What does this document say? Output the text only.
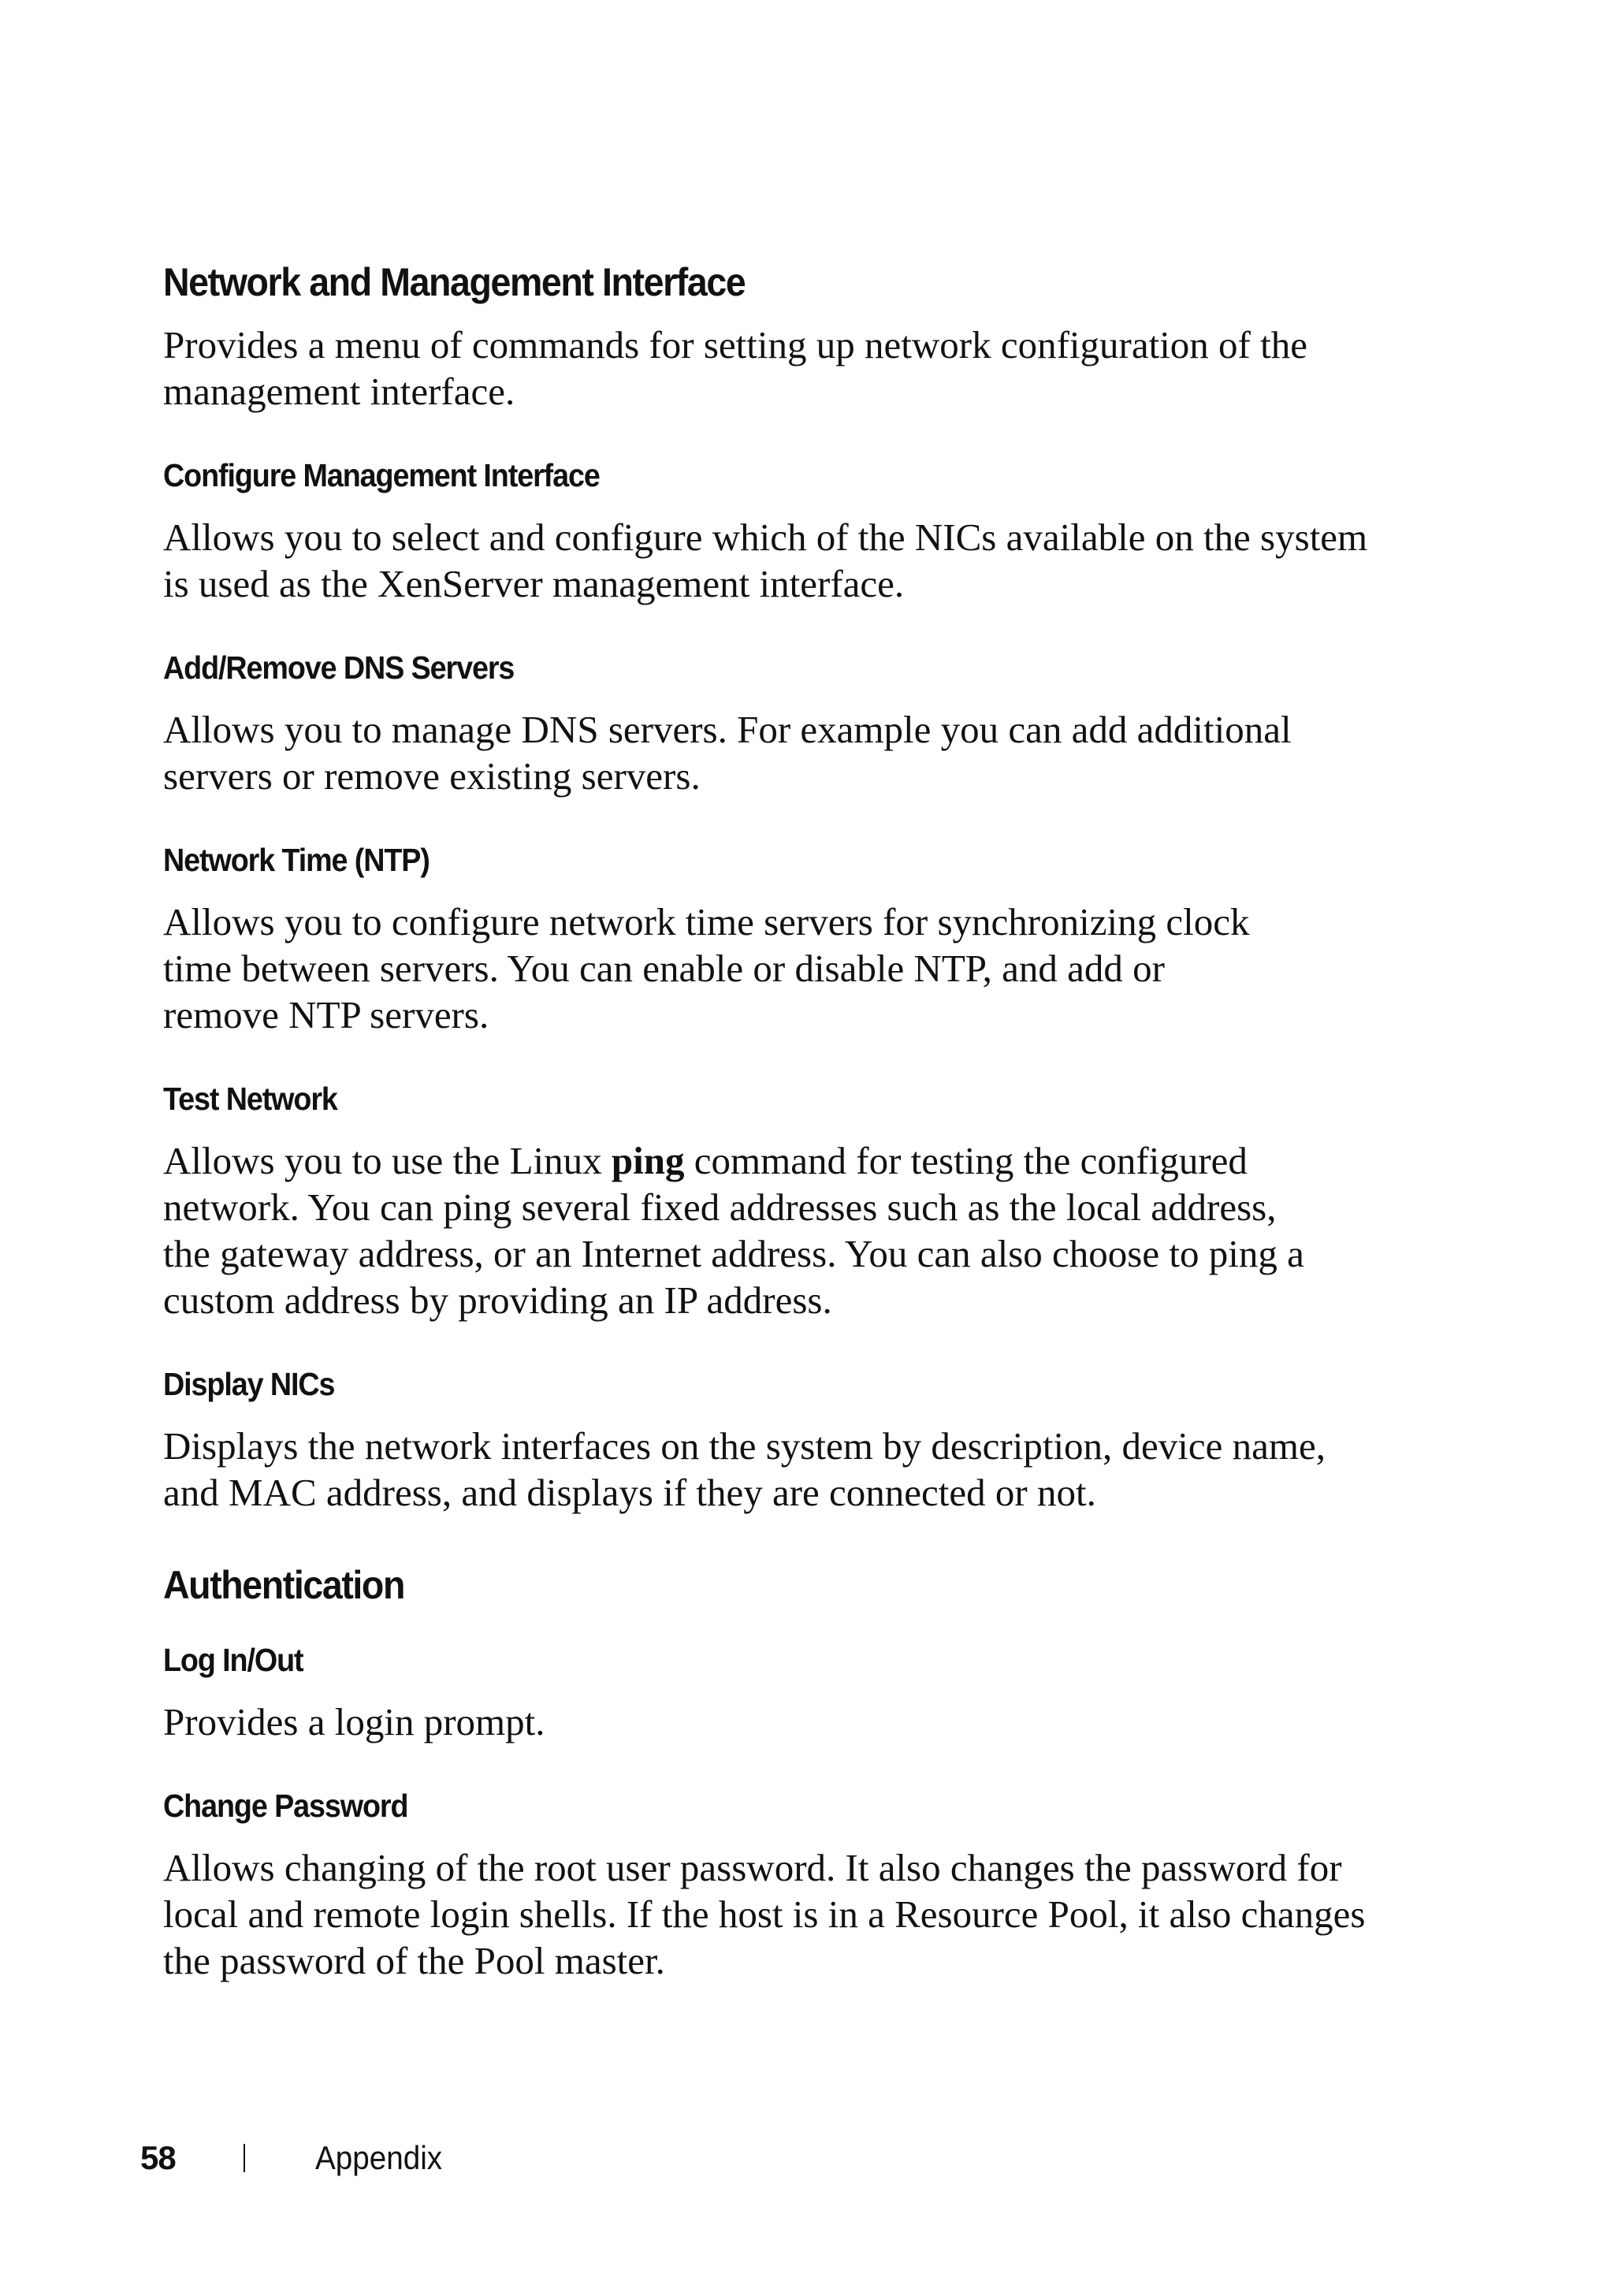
Network and Management Interface

Provides a menu of commands for setting up network configuration of the
management interface.

Configure Management Interface

Allows you to select and configure which of the NICs available on the system
is used as the XenServer management interface.

Add/Remove DNS Servers

Allows you to manage DNS servers. For example you can add additional
servers or remove existing servers.

Network Time (NTP)

Allows you to configure network time servers for synchronizing clock
time between servers. You can enable or disable NTP, and add or
remove NTP servers.

Test Network

Allows you to use the Linux ping command for testing the configured
network. You can ping several fixed addresses such as the local address,
the gateway address, or an Internet address. You can also choose to ping a
custom address by providing an IP address.

Display NICs

Displays the network interfaces on the system by description, device name,
and MAC address, and displays if they are connected or not.

Authentication
Log In/Out

Provides a login prompt.

Change Password

Allows changing of the root user password. It also changes the password for
local and remote login shells. If the host is in a Resource Pool, it also changes
the password of the Pool master.

58	Appendix
